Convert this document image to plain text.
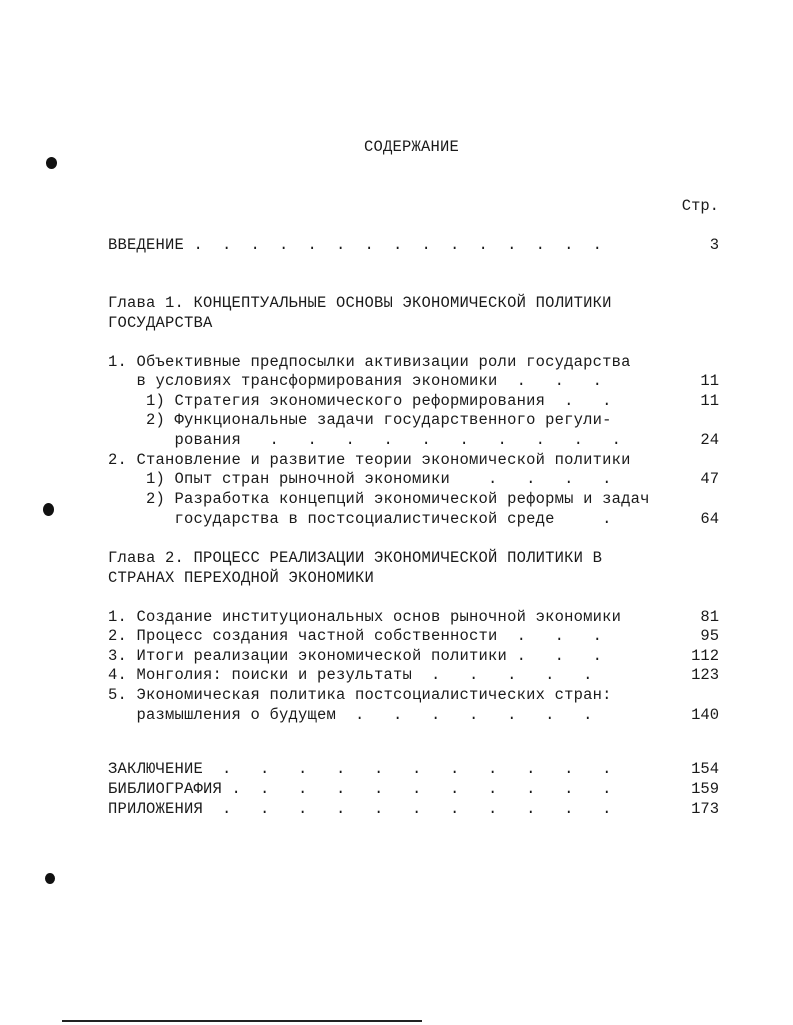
СОДЕРЖАНИЕ
Стр.
ВВЕДЕНИЕ .  .  .  .  .  .  .  .  .  .  .  .  .  .  .	3
Глава 1. КОНЦЕПТУАЛЬНЫЕ ОСНОВЫ ЭКОНОМИЧЕСКОЙ ПОЛИТИКИ
ГОСУДАРСТВА
1. Объективные предпосылки активизации роли государства
в условиях трансформирования экономики  .   .   .	11
1) Стратегия экономического реформирования  .   .	11
2) Функциональные задачи государственного регули-
рования   .   .   .   .   .   .   .   .   .   .	24
2. Становление и развитие теории экономической политики
1) Опыт стран рыночной экономики    .   .   .   .	47
2) Разработка концепций экономической реформы и задач
государства в постсоциалистической среде     .	64
Глава 2. ПРОЦЕСС РЕАЛИЗАЦИИ ЭКОНОМИЧЕСКОЙ ПОЛИТИКИ В
СТРАНАХ ПЕРЕХОДНОЙ ЭКОНОМИКИ
1. Создание институциональных основ рыночной экономики	81
2. Процесс создания частной собственности  .   .   .	95
3. Итоги реализации экономической политики .   .   .	112
4. Монголия: поиски и результаты  .   .   .   .   .	123
5. Экономическая политика постсоциалистических стран:
размышления о будущем  .   .   .   .   .   .   .	140
ЗАКЛЮЧЕНИЕ  .   .   .   .   .   .   .   .   .   .   .	154
БИБЛИОГРАФИЯ .  .   .   .   .   .   .   .   .   .   .	159
ПРИЛОЖЕНИЯ  .   .   .   .   .   .   .   .   .   .   .	173
